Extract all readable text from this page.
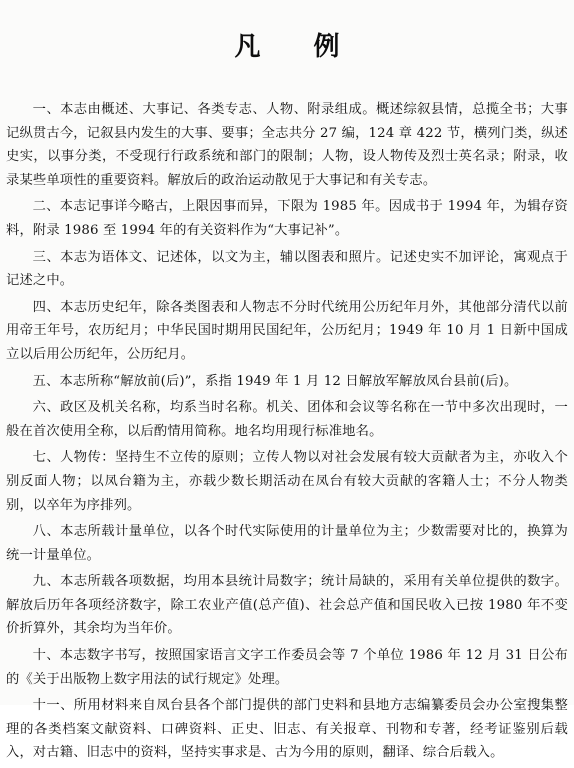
凡 例

一、本志由概述、大事记、各类专志、人物、附录组成。概述综叙县情，总揽全书；大事记纵贯古今，记叙县内发生的大事、要事；全志共分 27 编，124 章 422 节，横列门类，纵述史实，以事分类，不受现行行政系统和部门的限制；人物，设人物传及烈士英名录；附录，收录某些单项性的重要资料。解放后的政治运动散见于大事记和有关专志。

二、本志记事详今略古，上限因事而异，下限为 1985 年。因成书于 1994 年，为辑存资料，附录 1986 至 1994 年的有关资料作为“大事记补”。

三、本志为语体文、记述体，以文为主，辅以图表和照片。记述史实不加评论，寓观点于记述之中。

四、本志历史纪年，除各类图表和人物志不分时代统用公历纪年月外，其他部分清代以前用帝王年号，农历纪月；中华民国时期用民国纪年，公历纪月；1949 年 10 月 1 日新中国成立以后用公历纪年，公历纪月。

五、本志所称“解放前(后)”，系指 1949 年 1 月 12 日解放军解放凤台县前(后)。

六、政区及机关名称，均系当时名称。机关、团体和会议等名称在一节中多次出现时，一般在首次使用全称，以后酌情用简称。地名均用现行标准地名。

七、人物传：坚持生不立传的原则；立传人物以对社会发展有较大贡献者为主，亦收入个别反面人物；以凤台籍为主，亦载少数长期活动在凤台有较大贡献的客籍人士；不分人物类别，以卒年为序排列。

八、本志所载计量单位，以各个时代实际使用的计量单位为主；少数需要对比的，换算为统一计量单位。

九、本志所载各项数据，均用本县统计局数字；统计局缺的，采用有关单位提供的数字。解放后历年各项经济数字，除工农业产值(总产值)、社会总产值和国民收入已按 1980 年不变价折算外，其余均为当年价。

十、本志数字书写，按照国家语言文字工作委员会等 7 个单位 1986 年 12 月 31 日公布的《关于出版物上数字用法的试行规定》处理。

十一、所用材料来自凤台县各个部门提供的部门史料和县地方志编纂委员会办公室搜集整理的各类档案文献资料、口碑资料、正史、旧志、有关报章、刊物和专著，经考证鉴别后载入，对古籍、旧志中的资料，坚持实事求是、古为今用的原则，翻译、综合后载入。
